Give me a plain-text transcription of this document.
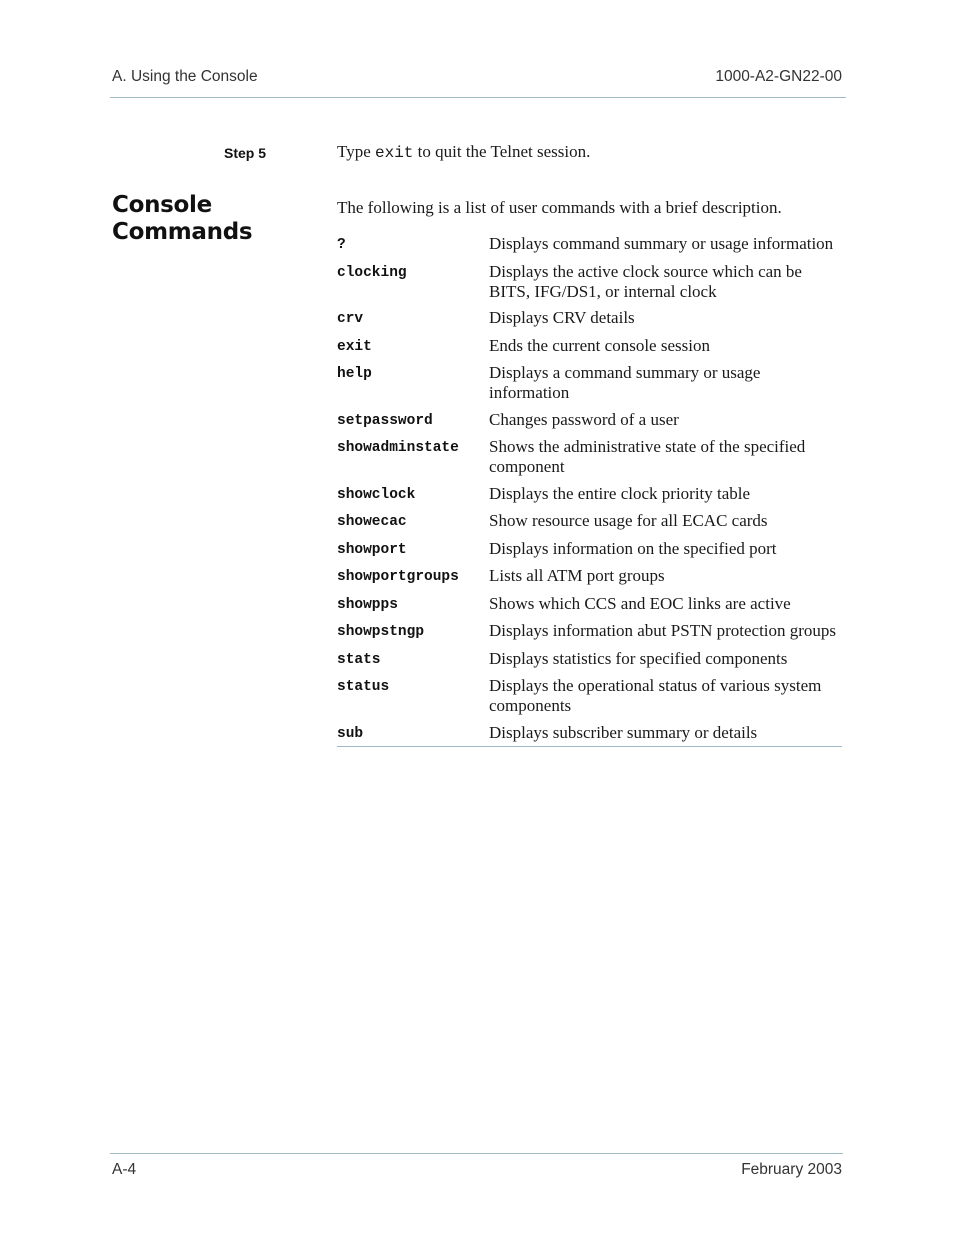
A. Using the Console	1000-A2-GN22-00
Step 5	Type exit to quit the Telnet session.
Console
Commands
The following is a list of user commands with a brief description.
?	Displays command summary or usage information
clocking	Displays the active clock source which can be BITS, IFG/DS1, or internal clock
crv	Displays CRV details
exit	Ends the current console session
help	Displays a command summary or usage information
setpassword	Changes password of a user
showadminstate	Shows the administrative state of the specified component
showclock	Displays the entire clock priority table
showecac	Show resource usage for all ECAC cards
showport	Displays information on the specified port
showportgroups	Lists all ATM port groups
showpps	Shows which CCS and EOC links are active
showpstngp	Displays information abut PSTN protection groups
stats	Displays statistics for specified components
status	Displays the operational status of various system components
sub	Displays subscriber summary or details
A-4	February 2003
